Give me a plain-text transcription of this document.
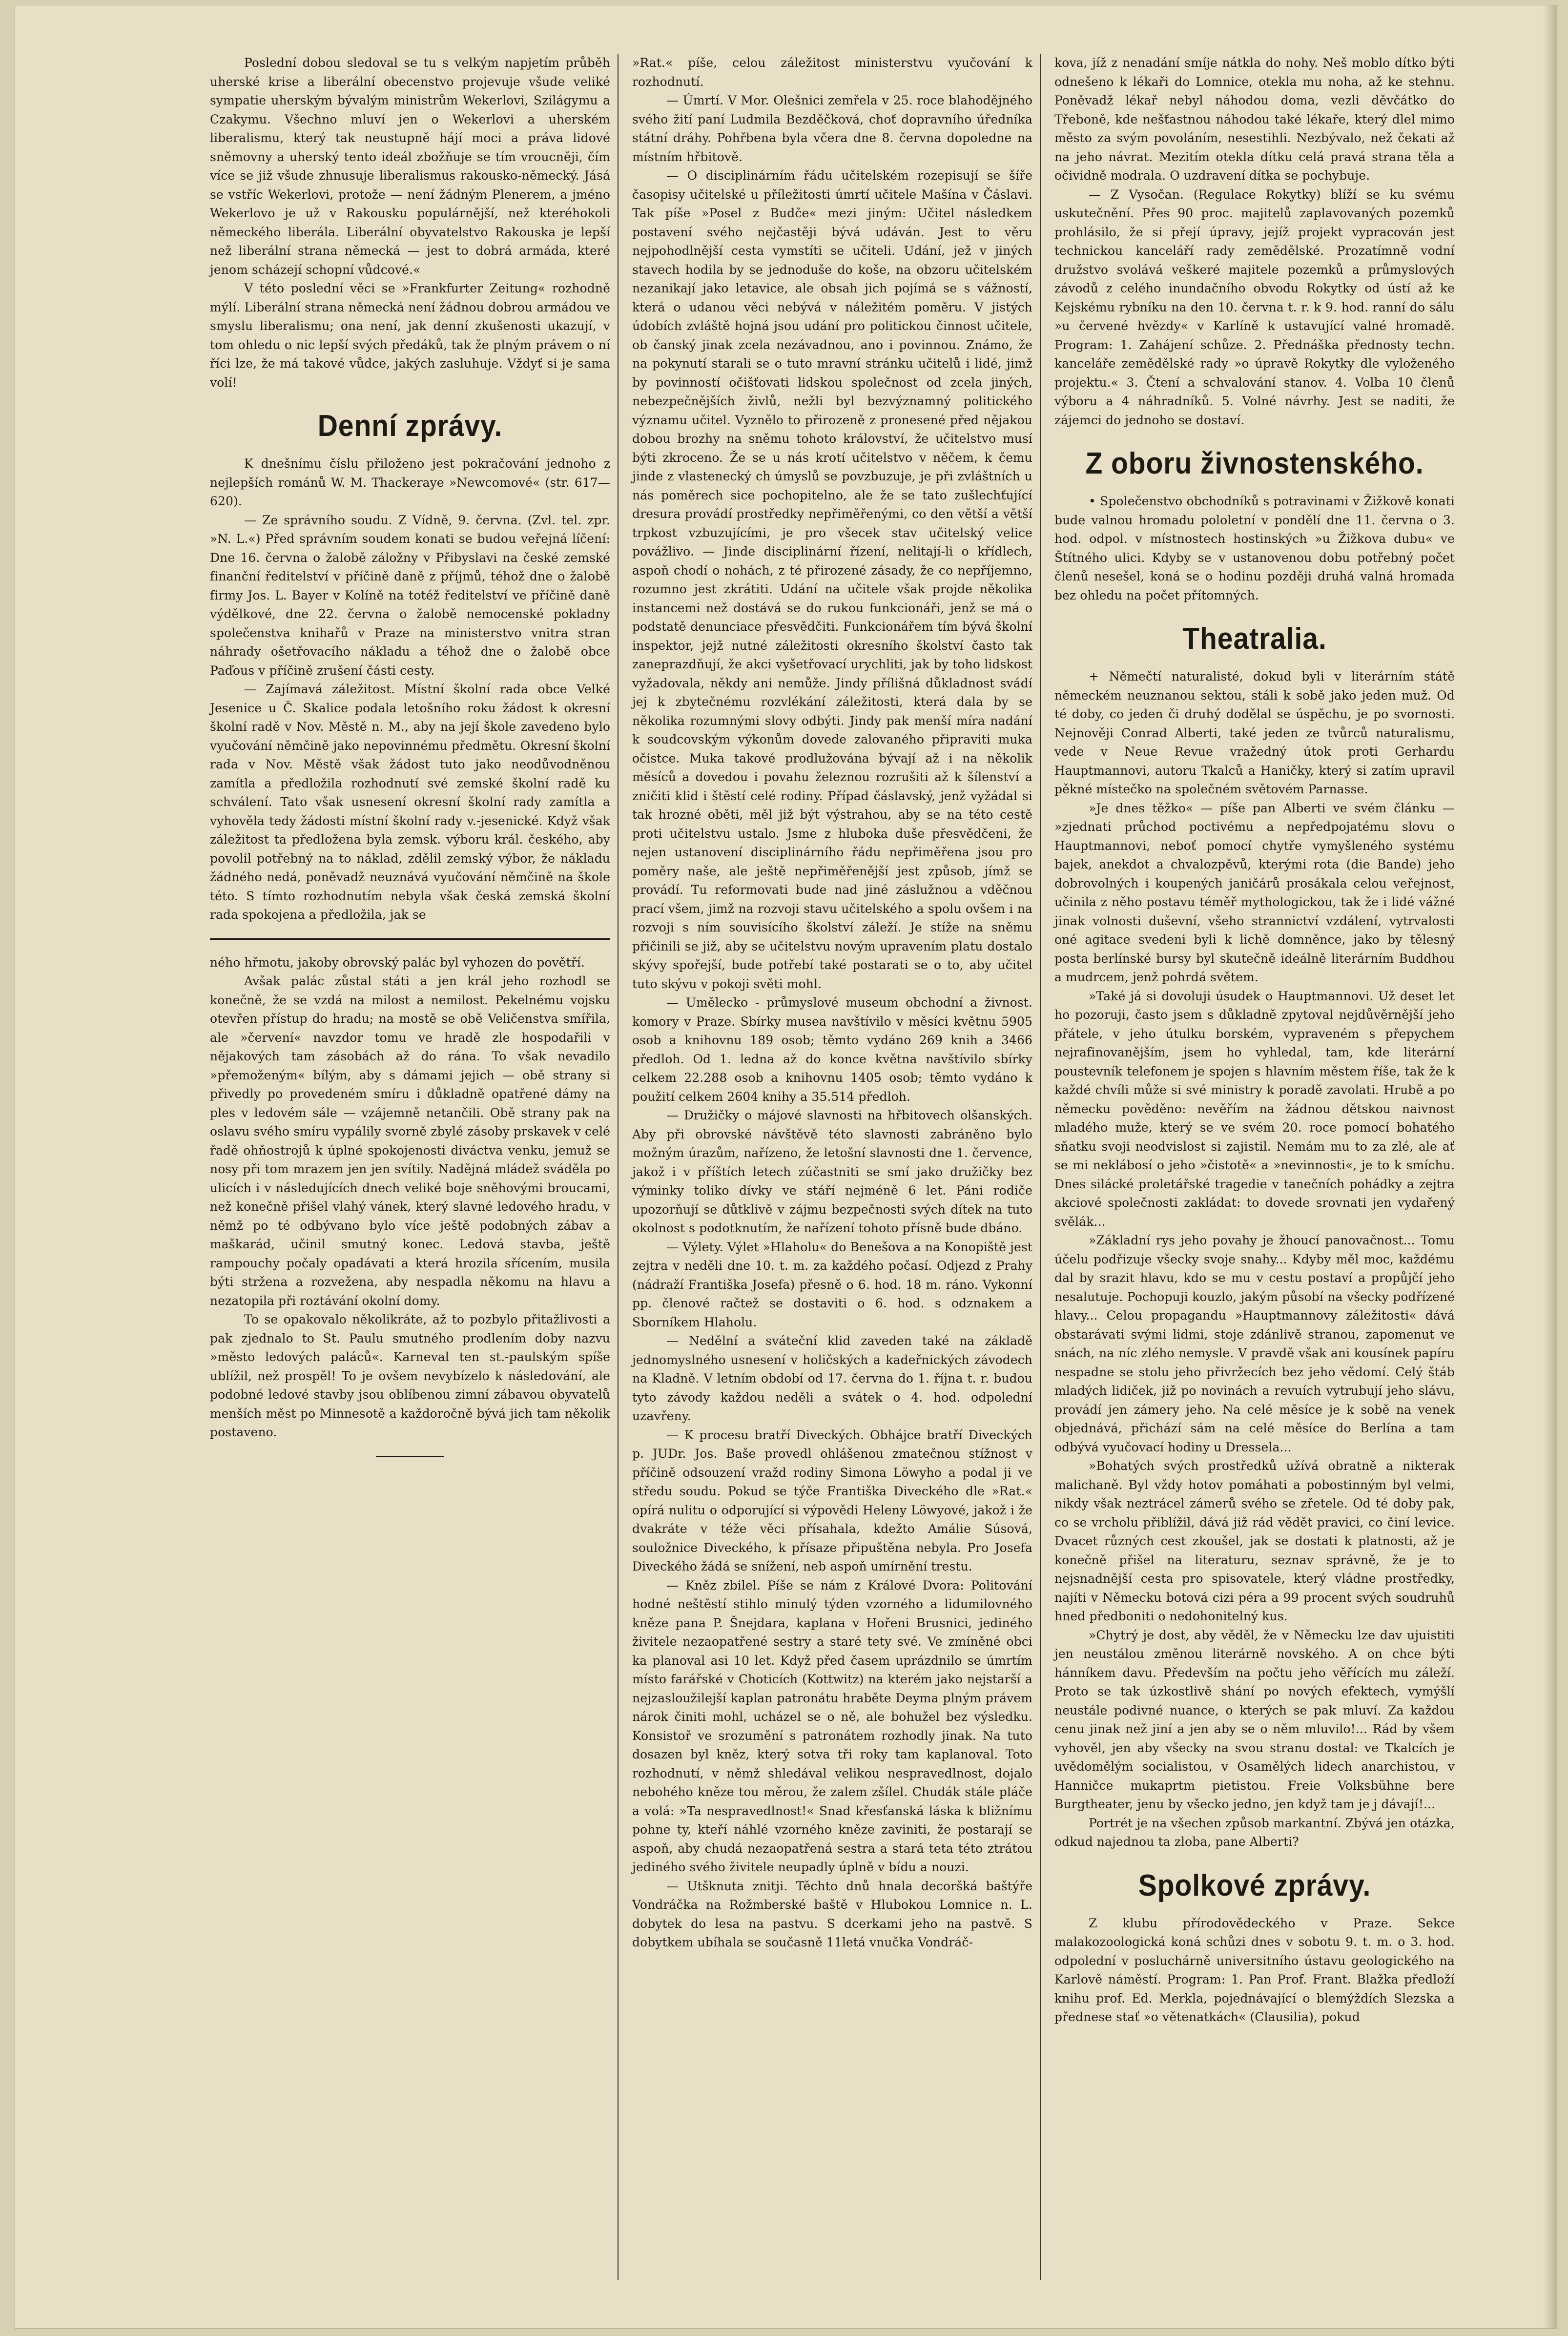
Poslední dobou sledoval se tu s velkým napjetím průběh uherské krise a liberální obecenstvo projevuje všude veliké sympatie uherským bývalým ministrům Wekerlovi, Szilágymu a Czakymu. Všechno mluví jen o Wekerlovi a uherském liberalismu, který tak neustupně hájí moci a práva lidové sněmovny a uherský tento ideál zbožňuje se tím vroucněji, čím více se již všude zhnusuje liberalismus rakousko-německý. Jásá se vstříc Wekerlovi, protože — není žádným Plenerem, a jméno Wekerlovo je už v Rakousku populárnější, než kteréhokoli německého liberála. Liberální obyvatelstvo Rakouska je lepší než liberální strana německá — jest to dobrá armáda, které jenom scházejí schopní vůdcové.«

V této poslední věci se »Frankfurter Zeitung« rozhodně mýlí. Liberální strana německá není žádnou dobrou armádou ve smyslu liberalismu; ona není, jak denní zkušenosti ukazují, v tom ohledu o nic lepší svých předáků, tak že plným právem o ní říci lze, že má takové vůdce, jakých zasluhuje. Vždyť si je sama volí!

Denní zprávy.

K dnešnímu číslu přiloženo jest pokračování jednoho z nejlepších románů W. M. Thackeraye »Newcomové« (str. 617—620).

— Ze správního soudu. Z Vídně, 9. června. (Zvl. tel. zpr. »N. L.«) Před správním soudem konati se budou veřejná líčení: Dne 16. června o žalobě záložny v Přibyslavi na české zemské finanční ředitelství v příčině daně z příjmů, téhož dne o žalobě firmy Jos. L. Bayer v Kolíně na totéž ředitelství ve příčině daně výdělkové, dne 22. června o žalobě nemocenské pokladny společenstva knihařů v Praze na ministerstvo vnitra stran náhrady ošetřovacího nákladu a téhož dne o žalobě obce Paďous v příčině zrušení části cesty.

— Zajímavá záležitost. Místní školní rada obce Velké Jesenice u Č. Skalice podala letošního roku žádost k okresní školní radě v Nov. Městě n. M., aby na její škole zavedeno bylo vyučování němčině jako nepovinnému předmětu. Okresní školní rada v Nov. Městě však žádost tuto jako neodůvodněnou zamítla a předložila rozhodnutí své zemské školní radě ku schválení. Tato však usnesení okresní školní rady zamítla a vyhověla tedy žádosti místní školní rady v.-jesenické. Když však záležitost ta předložena byla zemsk. výboru král. českého, aby povolil potřebný na to náklad, zdělil zemský výbor, že nákladu žádného nedá, poněvadž neuznává vyučování němčině na škole této. S tímto rozhodnutím nebyla však česká zemská školní rada spokojena a předložila, jak se

ného hřmotu, jakoby obrovský palác byl vyhozen do povětří.

Avšak palác zůstal státi a jen král jeho rozhodl se konečně, že se vzdá na milost a nemilost. Pekelnému vojsku otevřen přístup do hradu; na mostě se obě Veličenstva smířila, ale »červení« navzdor tomu ve hradě zle hospodařili v nějakových tam zásobách až do rána. To však nevadilo »přemoženým« bílým, aby s dámami jejich — obě strany si přivedly po provedeném smíru i důkladně opatřené dámy na ples v ledovém sále — vzájemně netančili. Obě strany pak na oslavu svého smíru vypálily svorně zbylé zásoby prskavek v celé řadě ohňostrojů k úplné spokojenosti diváctva venku, jemuž se nosy při tom mrazem jen jen svítily. Nadějná mládež svádělа po ulicích i v následujících dnech veliké boje sněhovými brouсami, než konečně přišel vlahý vánek, který slavné ledového hradu, v němž po té odbývano bylo více ještě podobných zábav a maškarád, učinil smutný konec. Ledová stavba, ještě rampouchy počaly opadávati a která hrozila sřícením, musila býti stržena a rozvežena, aby nespadla někomu na hlavu a nezatopila při roztávání okolní domy.

To se opakovalo několikráte, až to pozbylo přitažlivosti a pak zjednalo to St. Paulu smutného prodlením doby nazvu »město ledových paláců«. Karneval ten st.-paulským spíše ublížil, než prospěl! To je ovšem nevybízelo k následování, ale podobné ledové stavby jsou oblíbenou zimní zábavou obyvatelů menších měst po Minnesotě a každoročně bývá jich tam několik postaveno.

»Rat.« píše, celou záležitost ministerstvu vyučování k rozhodnutí.

— Úmrtí. V Mor. Olešnici zemřela v 25. roce blahodějného svého žití paní Ludmila Bezděčková, choť dopravního úředníka státní dráhy. Pohřbena byla včera dne 8. června dopoledne na místním hřbitově.

— O disciplinárním řádu učitelském rozepisují se šíře časopisy učitelské u příležitosti úmrtí učitele Mašína v Čáslavi. Tak píše »Posel z Budče« mezi jiným: Učitel následkem postavení svého nejčastěji bývá udáván. Jest to věru nejpohodlnější cesta vymstíti se učiteli. Udání, jež v jiných stavech hodila by se jednoduše do koše, na obzoru učitelském nezanikají jako letavice, ale obsah jich pojímá se s vážností, která o udanou věci nebývá v náležitém poměru. V jistých údobích zvláště hojná jsou udání pro politickou činnost učitele, ob čanský jinak zcela nezávadnou, ano i povinnou. Známo, že na pokynutí starali se o tuto mravní stránku učitelů i lidé, jimž by povinností očišťovati lidskou společnost od zcela jiných, nebezpečnějších živlů, nežli byl bezvýznamný politického významu učitel. Vyznělo to přirozeně z pronesené před nějakou dobou brozhy na sněmu tohoto království, že učitelstvo musí býti zkroceno. Že se u nás krotí učitelstvo v něčem, k čemu jinde z vlastenecký ch úmyslů se povzbuzuje, je při zvláštních u nás poměrech sice pochopitelno, ale že se tato zušlechťující dresura provádí prostředky nepřiměřenými, co den větší a větší trpkost vzbuzujícími, je pro všecek stav učitelský velice povážlivo. — Jinde disciplinární řízení, nelitají-li o křídlech, aspoň chodí o nohách, z té přirozené zásady, že co nepříjemno, rozumno jest zkrátiti. Udání na učitele však projde několika instancemi než dostává se do rukou funkcionáři, jenž se má o podstatě denunciace přesvědčiti. Funkcionářem tím bývá školní inspektor, jejž nutné záležitosti okresního školství často tak zaneprazdňují, že akci vyšetřovací urychliti, jak by toho lidskost vyžadovala, někdy ani nemůže. Jindy přílišná důkladnost svádí jej k zbytečnému rozvlékání záležitosti, která dala by se několika rozumnými slovy odbýti. Jindy pak menší míra nadání k soudcovským výkonům dovede zalovaného připraviti muka očistce. Muka takové prodlužována bývají až i na několik měsíců a dovedou i povahu železnou rozrušiti až k šílenství a zničiti klid i štěstí celé rodiny. Případ čáslavský, jenž vyžádal si tak hrozné oběti, měl již být výstrahou, aby se na této cestě proti učitelstvu ustalo. Jsme z hluboka duše přesvědčeni, že nejen ustanovení disciplinárního řádu nepřiměřena jsou pro poměry naše, ale ještě nepřiměřenější jest způsob, jímž se provádí. Tu reformovati bude nad jiné záslužnou a vděčnou prací všem, jimž na rozvoji stavu učitelského a spolu ovšem i na rozvoji s ním souvisícího školství záleží. Je stíže na sněmu přičinili se již, aby se učitelstvu novým upravením platu dostalo skývy spořejší, bude potřebí také postarati se o to, aby učitel tuto skývu v pokoji světi mohl.

— Umělecko - průmyslové museum obchodní a živnost. komory v Praze. Sbírky musea navštívilo v měsíci květnu 5905 osob a knihovnu 189 osob; těmto vydáno 269 knih a 3466 předloh. Od 1. ledna až do konce května navštívilo sbírky celkem 22.288 osob a knihovnu 1405 osob; těmto vydáno k použití celkem 2604 knihy a 35.514 předloh.

— Družičky o májové slavnosti na hřbitovech olšanských. Aby při obrovské návštěvě této slavnosti zabráněno bylo možným úrazům, nařízeno, že letošní slavnosti dne 1. července, jakož i v příštích letech zúčastniti se smí jako družičky bez výminky toliko dívky ve stáří nejméně 6 let. Páni rodiče upozorňují se důtklivě v zájmu bezpečnosti svých dítek na tuto okolnost s podotknutím, že nařízení tohoto přísně bude dbáno.

— Výlety. Výlet »Hlaholu« do Benešova a na Konopiště jest zejtra v neděli dne 10. t. m. za každého počasí. Odjezd z Prahy (nádraží Františka Josefa) přesně o 6. hod. 18 m. ráno. Vykonní pp. členové račtež se dostaviti o 6. hod. s odznakem a Sborníkem Hlaholu.

— Nedělní a sváteční klid zaveden také na základě jednomyslného usnesení v holičských a kadeřnických závodech na Kladně. V letním období od 17. června do 1. října t. r. budou tyto závody každou neděli a svátek o 4. hod. odpolední uzavřeny.

— K procesu bratří Diveckých. Obhájce bratří Diveckých p. JUDr. Jos. Baše provedl ohlášenou zmatečnou stížnost v příčině odsouzení vražd rodiny Simona Löwyho a podal ji ve středu soudu. Pokud se týče Františka Diveckého dle »Rat.« opírá nulitu o odporující si výpovědi Heleny Löwyové, jakož i že dvakráte v téže věci přísahala, kdežto Amálie Súsová, souložnice Diveckého, k přísaze připuštěna nebyla. Pro Josefa Diveckého žádá se snížení, neb aspoň umírnění trestu.

— Kněz zbilel. Píše se nám z Králové Dvora: Politování hodné neštěstí stihlo minulý týden vzorného a lidumilovného kněze pana P. Šnejdara, kaplana v Hořeni Brusnici, jediného živitele nezaopatřené sestry a staré tety své. Ve zmíněné obci ka planoval asi 10 let. Když před časem uprázdnilo se úmrtím místo farářské v Choticích (Kottwitz) na kterém jako nejstarší a nejzasloužilejší kaplan patronátu hraběte Deyma plným právem nárok činiti mohl, ucházel se o ně, ale bohužel bez výsledku. Konsistoř ve srozumění s patronátem rozhodly jinak. Na tuto dosazen byl kněz, který sotva tři roky tam kaplanoval. Toto rozhodnutí, v němž shledával velikou nespravedlnost, dojalo nebohého kněze tou měrou, že zalem zšílel. Chudák stále pláče a volá: »Ta nespravedlnost!« Snad křesťanská láska k bližnímu pohne ty, kteří náhlé vzorného kněze zaviniti, že postarají se aspoň, aby chudá nezaopatřená sestra a stará teta této ztrátou jediného svého živitele neupadly úplně v bídu a nouzi.

— Utšknuta znitji. Těchto dnů hnala decoršká baštýře Vondráčka na Rožmberské baště v Hlubokou Lomnice n. L. dobytek do lesa na pastvu. S dcerkami jeho na pastvě. S dobytkem ubíhala se současně 11letá vnučka Vondráč-

kova, jíž z nenadání smíje nátkla do nohy. Neš moblo dítko býti odnešeno k lékaři do Lomnice, otekla mu noha, až ke stehnu. Poněvadž lékař nebyl náhodou doma, vezli děvčátko do Třeboně, kde nešťastnou náhodou také lékaře, který dlel mimo město za svým povoláním, nesestihli. Nezbývalo, než čekati až na jeho návrat. Mezitím otekla dítku celá pravá strana těla a očividně modrala. O uzdravení dítka se pochybuje.

— Z Vysočan. (Regulace Rokytky) blíží se ku svému uskutečnění. Přes 90 proc. majitelů zaplavovaných pozemků prohlásilo, že si přejí úpravy, jejíž projekt vypracován jest technickou kanceláří rady zemědělské. Prozatímně vodní družstvo svolává veškeré majitele pozemků a průmyslových závodů z celého inundačního obvodu Rokytky od ústí až ke Kejskému rybníku na den 10. června t. r. k 9. hod. ranní do sálu »u červené hvězdy« v Karlíně k ustavující valné hromadě. Program: 1. Zahájení schůze. 2. Přednáška přednosty techn. kanceláře zemědělské rady »o úpravě Rokytky dle vyloženého projektu.« 3. Čtení a schvalování stanov. 4. Volba 10 členů výboru a 4 náhradníků. 5. Volné návrhy. Jest se naditi, že zájemci do jednoho se dostaví.

Z oboru živnostenského.

• Společenstvo obchodníků s potravinami v Žižkově konati bude valnou hromadu pololetní v pondělí dne 11. června o 3. hod. odpol. v místnostech hostinských »u Žižkova dubu« ve Štítného ulici. Kdyby se v ustanovenou dobu potřebný počet členů nesešel, koná se o hodinu později druhá valná hromada bez ohledu na počet přítomných.

Theatralia.

+ Němečtí naturalisté, dokud byli v literárním státě německém neuznanou sektou, stáli k sobě jako jeden muž. Od té doby, co jeden či druhý dodělal se úspěchu, je po svornosti. Nejnověji Conrad Alberti, také jeden ze tvůrců naturalismu, vede v Neue Revue vražedný útok proti Gerhardu Hauptmannovi, autoru Tkalců a Haničky, který si zatím upravil pěkné místečko na společném světovém Parnasse.

»Je dnes těžko« — píše pan Alberti ve svém článku — »zjednati průchod poctivému a nepředpojatému slovu o Hauptmannovi, neboť pomocí chytře vymyšleného systému bajek, anekdot a chvalozpěvů, kterými rota (die Bande) jeho dobrovolných i koupených janičárů prosákala celou veřejnost, učinila z něho postavu téměř mythologickou, tak že i lidé vážné jinak volnosti duševní, všeho strannictví vzdálení, vytrvalosti oné agitace svedeni byli k lichě domněnce, jako by tělesný posta berlínské bursy byl skutečně ideálně literárním Buddhou a mudrcem, jenž pohrdá světem.

»Také já si dovoluji úsudek o Hauptmannovi. Už deset let ho pozoruji, často jsem s důkladně zpytoval nejdůvěrnější jeho přátele, v jeho útulku borském, vypraveném s přepychem nejrafinovanějším, jsem ho vyhledal, tam, kde literární poustevník telefonem je spojen s hlavním městem říše, tak že k každé chvíli může si své ministry k poradě zavolati. Hrubě a po německu pověděno: nevěřím na žádnou dětskou naivnost mladého muže, který se ve svém 20. roce pomocí bohatého sňatku svoji neodvislost si zajistil. Nemám mu to za zlé, ale ať se mi neklábosí o jeho »čistotě« a »nevinnosti«, je to k smíchu. Dnes silácké proletářské tragedie v tanečních pohádky a zejtra akciové společnosti zakládat: to dovede srovnati jen vydařený svělák...

»Základní rys jeho povahy je žhoucí panovačnost... Tomu účelu podřizuje všecky svoje snahy... Kdyby měl moc, každému dal by srazit hlavu, kdo se mu v cestu postaví a propůjčí jeho nesalutuje. Pochopuji kouzlo, jakým působí na všecky podřízené hlavy... Celou propagandu »Hauptmannovy záležitosti« dává obstarávati svými lidmi, stoje zdánlivě stranou, zapomenut ve snách, na níc zlého nemysle. V pravdě však ani kousínek papíru nespadne se stolu jeho přivržecích bez jeho vědomí. Celý štáb mladých lidiček, již po novinách a revuích vytrubují jeho slávu, provádí jen zámery jeho. Na celé měsíce je k sobě na venek objednává, přichází sám na celé měsíce do Berlína a tam odbývá vyučovací hodiny u Dressela...

»Bohatých svých prostředků užívá obratně a nikterak malichaně. Byl vždy hotov pomáhati a pobostinným byl velmi, nikdy však neztrácel zámerů svého se zřetele. Od té doby pak, co se vrcholu přiblížil, dává již rád vědět pravici, co činí levice. Dvacet různých cest zkoušel, jak se dostati k platnosti, až je konečně přišel na literaturu, seznav správně, že je to nejsnadnější cesta pro spisovatele, který vládne prostředky, najíti v Německu botová cizi péra a 99 procent svých soudruhů hned předboniti o nedohonitelný kus.

»Chytrý je dost, aby věděl, že v Německu lze dav ujuistiti jen neustálou změnou literárně novského. A on chce býti hánníkem davu. Především na počtu jeho věřících mu záleží. Proto se tak úzkostlivě shání po nových efektech, vymýšlí neustále podivné nuance, o kterých se pak mluví. Za každou cenu jinak než jiní a jen aby se o něm mluvilo!... Rád by všem vyhověl, jen aby všecky na svou stranu dostal: ve Tkalcích je uvědomělým socialistou, v Osamělých lidech anarchistou, v Hanničce mukaprtm pietistou. Freie Volksbühne bere Burgtheater, jenu by všecko jedno, jen když tam je j dávají!...

Portrét je na všechen způsob markantní. Zbývá jen otázka, odkud najednou ta zloba, pane Alberti?

Spolkové zprávy.

Z klubu přírodovědeckého v Praze. Sekce malakozoologická koná schůzi dnes v sobotu 9. t. m. o 3. hod. odpolední v posluchárně universitního ústavu geologického na Karlově náměstí. Program: 1. Pan Prof. Frant. Blažka předloží knihu prof. Ed. Merkla, pojednávající o blemýždích Slezska a přednese stať »o větenatkách« (Clausilia), pokud
